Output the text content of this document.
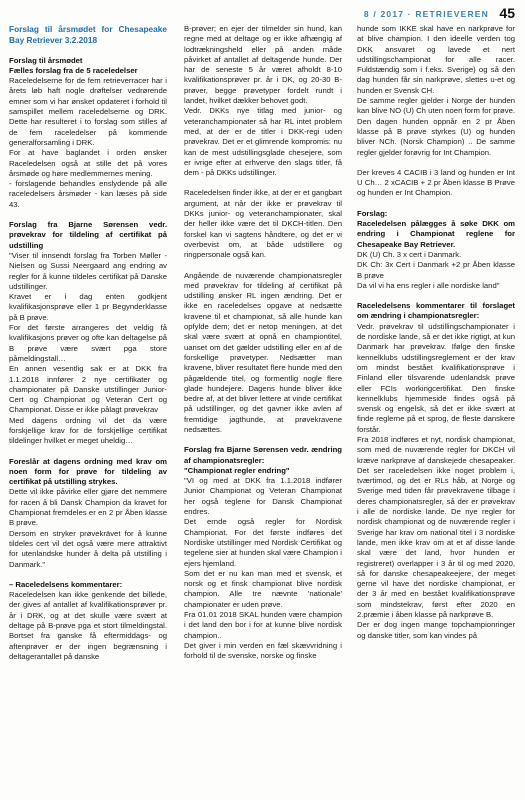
8 / 2017 · RETRIEVEREN 45

Forslag til årsmødet for Chesapeake Bay Retriever 3.2.2018

Forslag til årsmødet

Fælles forslag fra de 5 raceledelser

Raceledelserne for de fem retrieverracer har i årets løb haft nogle drøftelser vedrørende emner som vi har ønsket opdateret i forhold til samspillet mellem raceledelserne og DRK. Dette har resulteret i to forslag som stilles af de fem raceledelser på kommende generalforsamling i DRK.

For at have baglandet i orden ønsker Raceledelsen også at stille det på vores årsmøde og høre medlemmernes mening.

- forslagende behandles enslydende på alle raceledelsers årsmøder - kan læses på side 43.

Forslag fra Bjarne Sørensen vedr. prøvekrav for tildeling af certifikat på udstilling

"Viser til innsendt forslag fra Torben Møller - Nielsen og Sussi Neergaard ang endring av regler for å kunne tildeles certifikat på Danske udstillinger.

Kravet er i dag enten godkjent kvalifikasjonsprøve eller 1 pr Begynderklasse på B prøve.

For det første arrangeres det veldig få kvalifikasjons prøver og ofte kan deltagelse på B prøve være svært pga store påmeldingstall…

En annen vesentlig sak er at DKK fra 1.1.2018 innfører 2 nye certifikater og championater på Danske utstillinger Junior-Cert og Championat og Veteran Cert og Championat. Disse er ikke pålagt prøvekrav

Med dagens ordning vil det da være forskjellige krav for de forskjellige certifikat tildelinger hvilket er meget uheldig…

Foreslår at dagens ordning med krav om noen form for prøve for tildeling av certifikat på utstilling strykes.

Dette vil ikke påvirke eller gjøre det nemmere for racen å bli Dansk Champion da kravet for Championat fremdeles er en 2 pr Åben klasse B prøve.

Dersom en stryker prøvekrävet for å kunne tildeles cert vil det også være mere attraktivt for utenlandske hunder å delta på utstilling i Danmark."

– Raceledelsens kommentarer:

Raceledelsen kan ikke genkende det billede, der gives af antallet af kvalifikationsprøver pr. år i DRK, og at det skulle være svært at deltage på B-prøve pga et stort tilmeldingstal. Bortset fra ganske få eftermiddags- og aftenprøver er der ingen begrænsning i deltagerantallet på danske

B-prøver; en ejer der tilmelder sin hund, kan regne med at deltage og er ikke afhængig af lodtrækningsheld eller på anden måde påvirket af antallet af deltagende hunde. Der har de seneste 5 år været afholdt 8-10 kvalifikationsprøver pr. år i DK, og 20-30 B-prøver, begge prøvetyper fordelt rundt i landet, hvilket dækker behovet godt.

Vedr. DKKs nye titlag med junior- og veteranchampionater så har RL intet problem med, at der er de titler i DKK-regi uden prøvekrav. Det er et glimrende kompromis: nu kan de mest udstillingsglade chesejere, som er ivrige efter at erhverve den slags titler, få dem - på DKKs udstillinger.

Raceledelsen finder ikke, at der er et gangbart argument, at når der ikke er prøvekrav til DKKs junior- og veteranchampionater, skal der heller ikke være det til DKCH-titlen. Den forskel kan vi sagtens håndtere, og det er vi overbevist om, at både udstillere og ringpersonale også kan.

Angående de nuværende championatsregler med prøvekrav for tildeling af certifikat på udstilling ønsker RL ingen ændring. Det er ikke en raceledelses opgave at nedsætte kravene til et championat, så alle hunde kan opfylde dem; det er netop meningen, at det skal være svært at opnå en championtitel, uanset om det gælder udstilling eller en af de forskellige prøvetyper. Nedsætter man kravene, bliver resultatet flere hunde med den pågældende titel, og formentlig nogle flere glade hundejere. Dagens hunde bliver ikke bedre af, at det bliver lettere at vinde certifikat på udstillinger, og det gavner ikke avlen af fremtidige jagthunde, at prøvekravene nedsættes.

Forslag fra Bjarne Sørensen vedr. ændring af championatsregler:

"Championat regler endring"

"VI og med at DKK fra 1.1.2018 indfører Junior Championat og Veteran Championat her også teglene for Dansk Championat endres.

Det ernde også regler for Nordisk Championat. For det første indføres det Nordiske utstillinger med Nordisk Certifikat og tegelene sier at hunden skal være Champion i ejers hjemland.

Som det er nu kan man med et svensk, et norsk og et finsk championat blive nordisk champion. Alle tre nævnte 'nationale' championater er uden prøve.

Fra 01.01 2018 SKAL hunden være champion i det land den bor i for at kunne blive nordisk champion..

Det giver i min verden en fæl skævvridning i forhold til de svenske, norske og finske

hunde som IKKE skal have en narkprøve for at blive champion. I den ideelle verden tog DKK ansvaret og lavede et nert udstillingschampionat for alle racer. Fuldstændig som i f.eks. Sverige) og så den dag hunden får sin narkprøve, slettes u-et og hunden er Svensk CH.

De samme regler gjelder i Norge der hunden kan blive NO (U) Ch uten noen form for prøve. Den dagen hunden oppnår en 2 pr Åben klasse på B prøve styrkes (U) og hunden bliver NCh. (Norsk Champion) .. De samme regler gjelder forøvrig for Int Champion.

Der kreves 4 CACIB i 3 land og hunden er Int U Ch… 2 xCACIB + 2 pr Åben klasse B Prøve og hunden er Int Champion.

Forslag:

Raceledelsen pålægges å søke DKK om endring i Championat reglene for Chesapeake Bay Retriever.

DK (U) Ch. 3 x cert i Danmark.

DK Ch: 3x Cert i Danmark +2 pr Åben klasse B prøve

Da vil vi ha ens regler i alle nordiske land"

Raceledelsens kommentarer til forslaget om ændring i championatsregler:

Vedr. prøvekrav til udstillingschampionater i de nordiske lande, så er det ikke rigtigt, at kun Danmark har prøvekrav. Ifølge den finske kennelklubs udstillingsreglement er der krav om mindst bestået kvalifikationsprøve i Finland eller tilsvarende udenlandsk prøve eller FCIs workingcertifikat. Den finske kennelklubs hjemmeside findes også på svensk og engelsk, så det er ikke svært at finde reglerne på et sprog, de fleste danskere forstår.

Fra 2018 indføres et nyt, nordisk championat, som med de nuværende regler for DKCH vil kræve narkprøve af danskejede chesapeaker. Det ser raceledelsen ikke noget problem i, tværtimod, og det er RLs håb, at Norge og Sverige med tiden får prøvekravene tilbage i deres championatsregler, så der er prøvekrav i alle de nordiske lande. De nye regler for nordisk championat og de nuværende regler i Sverige har krav om national titel i 3 nordiske lande, men ikke krav om at et af disse lande skal være det land, hvor hunden er registreret) overlapper i 3 år til og med 2020, så for danske chesapeakeejere, der meget gerne vil have det nordiske championat, er der 3 år med en bestået kvalifikationsprøve som mindstekrav, først efter 2020 en 2.præmie i åben klasse på narkprøve B.

Der er dog ingen mange topchampionringer og danske titler, som kan vindes på
